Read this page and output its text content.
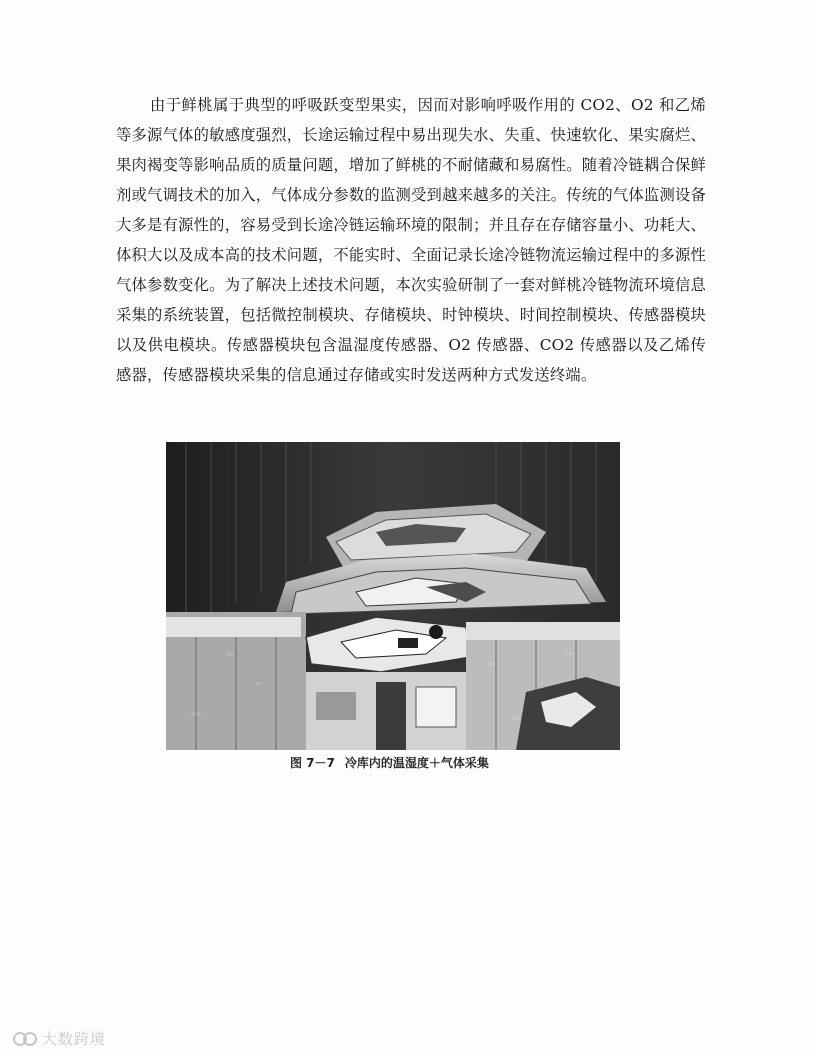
由于鲜桃属于典型的呼吸跃变型果实，因而对影响呼吸作用的 CO2、O2 和乙烯等多源气体的敏感度强烈，长途运输过程中易出现失水、失重、快速软化、果实腐烂、果肉褐变等影响品质的质量问题，增加了鲜桃的不耐储藏和易腐性。随着冷链耦合保鲜剂或气调技术的加入，气体成分参数的监测受到越来越多的关注。传统的气体监测设备大多是有源性的，容易受到长途冷链运输环境的限制；并且存在存储容量小、功耗大、体积大以及成本高的技术问题，不能实时、全面记录长途冷链物流运输过程中的多源性气体参数变化。为了解决上述技术问题，本次实验研制了一套对鲜桃冷链物流环境信息采集的系统装置，包括微控制模块、存储模块、时钟模块、时间控制模块、传感器模块以及供电模块。传感器模块包含温湿度传感器、O2 传感器、CO2 传感器以及乙烯传感器，传感器模块采集的信息通过存储或实时发送两种方式发送终端。

图 7－7 冷库内的温湿度＋气体采集
大数跨境
